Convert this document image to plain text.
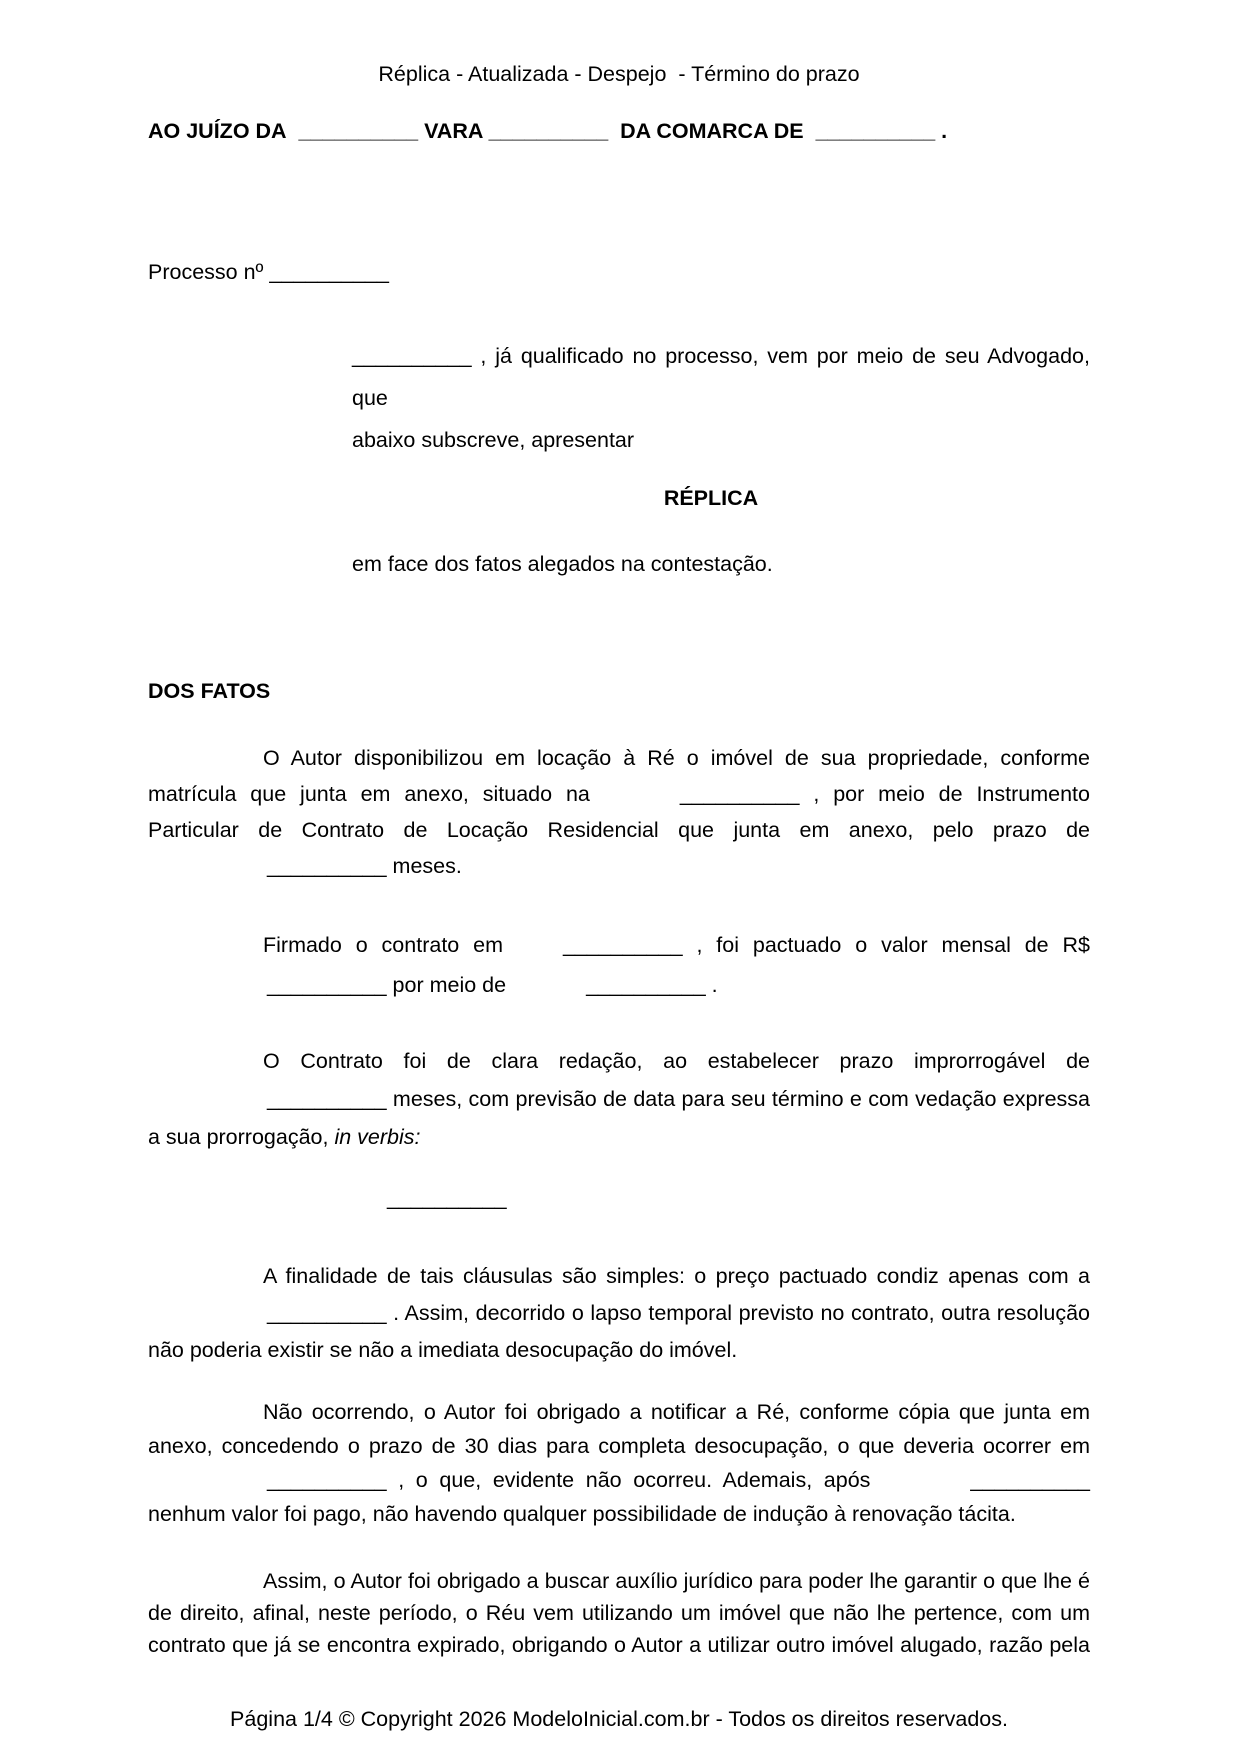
Réplica - Atualizada - Despejo  - Término do prazo
AO JUÍZO DA  __________ VARA __________  DA COMARCA DE  __________ .
Processo nº __________
__________ , já qualificado no processo, vem por meio de seu Advogado, que
abaixo subscreve, apresentar
RÉPLICA
em face dos fatos alegados na contestação.
DOS FATOS
O Autor disponibilizou em locação à Ré o imóvel de sua propriedade, conforme
matrícula que junta em anexo, situado na	__________ , por meio de Instrumento
Particular de Contrato de Locação Residencial que junta em anexo, pelo prazo de
__________ meses.
Firmado o contrato em	__________ , foi pactuado o valor mensal de R$
__________ por meio de	__________ .
O Contrato foi de clara redação, ao estabelecer prazo improrrogável de
__________ meses, com previsão de data para seu término e com vedação expressa
a sua prorrogação, in verbis:
__________
A finalidade de tais cláusulas são simples: o preço pactuado condiz apenas com a
__________ . Assim, decorrido o lapso temporal previsto no contrato, outra resolução
não poderia existir se não a imediata desocupação do imóvel.
Não ocorrendo, o Autor foi obrigado a notificar a Ré, conforme cópia que junta em
anexo, concedendo o prazo de 30 dias para completa desocupação, o que deveria ocorrer em
__________ , o que, evidente não ocorreu. Ademais, após	__________
nenhum valor foi pago, não havendo qualquer possibilidade de indução à renovação tácita.
Assim, o Autor foi obrigado a buscar auxílio jurídico para poder lhe garantir o que lhe é
de direito, afinal, neste período, o Réu vem utilizando um imóvel que não lhe pertence, com um
contrato que já se encontra expirado, obrigando o Autor a utilizar outro imóvel alugado, razão pela
Página 1/4 © Copyright 2026 ModeloInicial.com.br - Todos os direitos reservados.
